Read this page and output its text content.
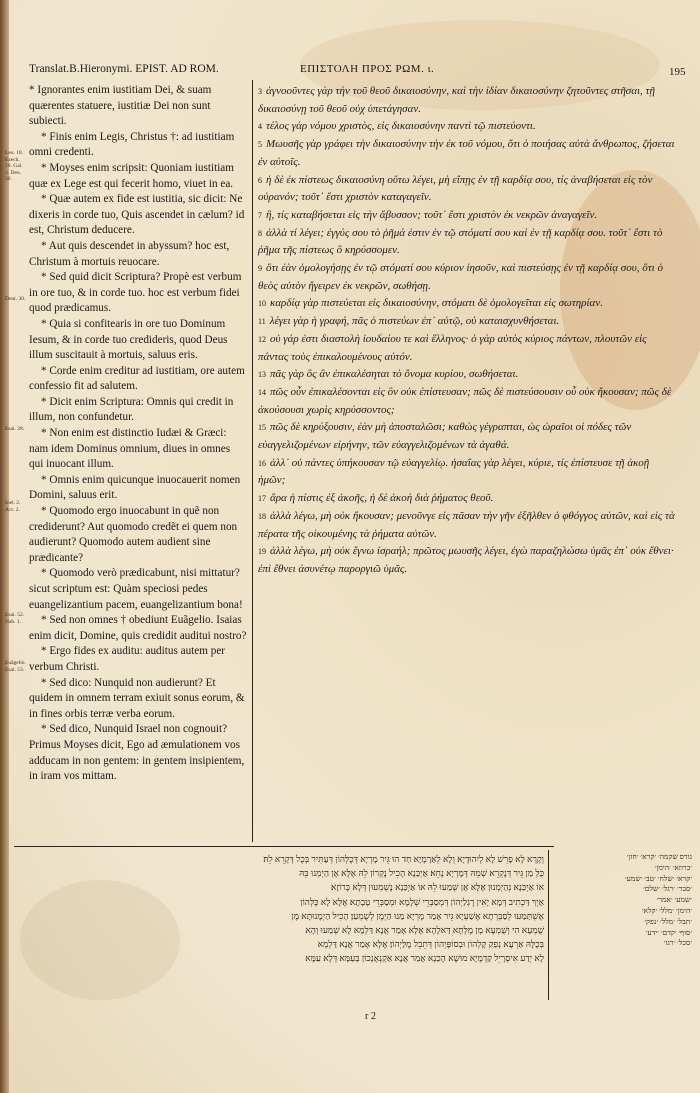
Translat.B.Hieronymi. EPIST. AD ROM.	ΕΠΙΣΤΟΛΗ ΠΡΟΣ ΡΩΜ. ι.	195
Leu. 18. Ezech. 20. Gal. 3. Deu. 30.
Deut. 30.
Esai. 28.
Ioel. 2. Act. 2.
Esai. 52. Nah. 1.
Euãgelio. Esai. 53.

* Ignorantes enim iustitiam Dei, & suam quærentes statuere, iustitiæ Dei non sunt subiecti.

* Finis enim Legis, Christus †: ad iustitiam omni credenti.

* Moyses enim scripsit: Quoniam iustitiam quæ ex Lege est qui fecerit homo, viuet in ea.

* Quæ autem ex fide est iustitia, sic dicit: Ne dixeris in corde tuo, Quis ascendet in cælum? id est, Christum deducere.

* Aut quis descendet in abyssum? hoc est, Christum à mortuis reuocare.

* Sed quid dicit Scriptura? Propè est verbum in ore tuo, & in corde tuo. hoc est verbum fidei quod prædicamus.

* Quia si confitearis in ore tuo Dominum Iesum, & in corde tuo credideris, quod Deus illum suscitauit à mortuis, saluus eris.

* Corde enim creditur ad iustitiam, ore autem confessio fit ad salutem.

* Dicit enim Scriptura: Omnis qui credit in illum, non confundetur.

* Non enim est distinctio Iudæi & Græci: nam idem Dominus omnium, diues in omnes qui inuocant illum.

* Omnis enim quicunque inuocauerit nomen Domini, saluus erit.

* Quomodo ergo inuocabunt in quẽ non crediderunt? Aut quomodo credẽt ei quem non audierunt? Quomodo autem audient sine prædicante?

* Quomodo verò prædicabunt, nisi mittatur? sicut scriptum est: Quàm speciosi pedes euangelizantium pacem, euangelizantium bona!

* Sed non omnes † obediunt Euãgelio. Isaias enim dicit, Domine, quis credidit auditui nostro?

* Ergo fides ex auditu: auditus autem per verbum Christi.

* Sed dico: Nunquid non audierunt? Et quidem in omnem terram exiuit sonus eorum, & in fines orbis terræ verba eorum.

* Sed dico, Nunquid Israel non cognouit? Primus Moyses dicit, Ego ad æmulationem vos adducam in non gentem: in gentem insipientem, in iram vos mittam.

3 ἀγνοοῦντες γὰρ τὴν τοῦ θεοῦ δικαιοσύνην, καὶ τὴν ἰδίαν δικαιοσύνην ζητοῦντες στῆσαι, τῇ δικαιοσύνῃ τοῦ θεοῦ οὐχ ὑπετάγησαν.

4 τέλος γὰρ νόμου χριστὸς, εἰς δικαιοσύνην παντὶ τῷ πιστεύοντι.

5 Μωυσῆς γὰρ γράφει τὴν δικαιοσύνην τὴν ἐκ τοῦ νόμου, ὅτι ὁ ποιήσας αὐτὰ ἄνθρωπος, ζήσεται ἐν αὐτοῖς.

6 ἡ δὲ ἐκ πίστεως δικαιοσύνη οὕτω λέγει, μὴ εἴπῃς ἐν τῇ καρδίᾳ σου, τίς ἀναβήσεται εἰς τὸν οὐρανόν; τοῦτ᾽ ἔστι χριστὸν καταγαγεῖν.

7 ἢ, τίς καταβήσεται εἰς τὴν ἄβυσσον; τοῦτ᾽ ἔστι χριστὸν ἐκ νεκρῶν ἀναγαγεῖν.

8 ἀλλὰ τί λέγει; ἐγγύς σου τὸ ῥῆμά ἐστιν ἐν τῷ στόματί σου καὶ ἐν τῇ καρδίᾳ σου. τοῦτ᾽ ἔστι τὸ ῥῆμα τῆς πίστεως ὃ κηρύσσομεν.

9 ὅτι ἐὰν ὁμολογήσῃς ἐν τῷ στόματί σου κύριον ἰησοῦν, καὶ πιστεύσῃς ἐν τῇ καρδίᾳ σου, ὅτι ὁ θεὸς αὐτὸν ἤγειρεν ἐκ νεκρῶν, σωθήσῃ.

10 καρδίᾳ γὰρ πιστεύεται εἰς δικαιοσύνην, στόματι δὲ ὁμολογεῖται εἰς σωτηρίαν.

11 λέγει γὰρ ἡ γραφή, πᾶς ὁ πιστεύων ἐπ᾽ αὐτῷ, οὐ καταισχυνθήσεται.

12 οὐ γάρ ἐστι διαστολὴ ἰουδαίου τε καὶ ἕλληνος· ὁ γὰρ αὐτὸς κύριος πάντων, πλουτῶν εἰς πάντας τοὺς ἐπικαλουμένους αὐτόν.

13 πᾶς γὰρ ὃς ἂν ἐπικαλέσηται τὸ ὄνομα κυρίου, σωθήσεται.

14 πῶς οὖν ἐπικαλέσονται εἰς ὃν οὐκ ἐπίστευσαν; πῶς δὲ πιστεύσουσιν οὗ οὐκ ἤκουσαν; πῶς δὲ ἀκούσουσι χωρὶς κηρύσσοντος;

15 πῶς δὲ κηρύξουσιν, ἐὰν μὴ ἀποσταλῶσι; καθὼς γέγραπται, ὡς ὡραῖοι οἱ πόδες τῶν εὐαγγελιζομένων εἰρήνην, τῶν εὐαγγελιζομένων τὰ ἀγαθά.

16 ἀλλ᾽ οὐ πάντες ὑπήκουσαν τῷ εὐαγγελίῳ. ἡσαΐας γὰρ λέγει, κύριε, τίς ἐπίστευσε τῇ ἀκοῇ ἡμῶν;

17 ἄρα ἡ πίστις ἐξ ἀκοῆς, ἡ δὲ ἀκοὴ διὰ ῥήματος θεοῦ.

18 ἀλλὰ λέγω, μὴ οὐκ ἤκουσαν; μενοῦνγε εἰς πᾶσαν τὴν γῆν ἐξῆλθεν ὁ φθόγγος αὐτῶν, καὶ εἰς τὰ πέρατα τῆς οἰκουμένης τὰ ῥήματα αὐτῶν.

19 ἀλλὰ λέγω, μὴ οὐκ ἔγνω ἰσραήλ; πρῶτος μωυσῆς λέγει, ἐγὼ παραζηλώσω ὑμᾶς ἐπ᾽ οὐκ ἔθνει· ἐπὶ ἔθνει ἀσυνέτῳ παροργιῶ ὑμᾶς.

וְקָרָא לָא פָרֵשׁ לָא לְיִהוּדָיָא וְלָא לְאַרָמָיָא חַד הוּ גֵּיר מָרְיָא דְּכֻלְּהוֹן דְּעַתִּיר בְּכֻל דְּקָרֵא לֵהּ׃

כֻּלְּ מַן גֵּיר דְּנֶקְרֵא שְׁמֵהּ דְּמָרְיָא נֶחֵא׃ אַיְכַּנָא הָכִיל נֶקְרוֹן לֵהּ אֶלָּא אֶן הַיְמְנוּ בֵּהּ

אוֹ אַיְכַּנָא נְהַיְמְנוּן אֶלָּא אֶן שְׁמַעוּ לֵהּ אוֹ אַיְכַּנָא נֶשְׁמְעוּן דְּלָא כָּרוֹזָא׃

אַיְךְ דַּכְתִיב דְּמָא יָאִין רֶגְלַיְהוֹן דְּמְסַבְּרֵי שְׁלָמָא וּמְסַבְּרֵי טָבָתָא׃ אֶלָּא לָא כֻּלְּהוֹן

אֶשְׁתַּמַעוּ לְסַבְּרְתָא אֶשַׁעְיָא גֵּיר אָמַר מָרְיָא מַנוּ הַיְמֶן לְשֻׁמְעַן׃ הָכִיל הַיְמָנוּתָא מֶן

שֻׁמְעָא הִי וְשֻׁמְעָא מֶן מֶלְּתָא דַּאלָהָא׃ אֶלָּא אָמַר אֲנָא דַּלְמָא לָא שְׁמַעוּ וְהָא

בְּכֻלָּהּ אַרְעָא נְפַק קָלְהוֹן וּבְסוֹפָּיְהוֹן דְּתֵבֵל מֶלַּיְהוֹן׃ אֶלָּא אָמַר אֲנָא דַּלְמָא

לָא יְדַע אִיסְרָיֵל קַדְמָיָא מוּשֶׁא הָכַנָא אָמַר אֲנָא אַקְנְאֶנְכוֹן בְּעַמָּא דְּלָא עַמָּא

גורס שקמה׳ ׳קרא׳ ׳חזן׳

׳כרוזא׳ ׳הימן׳

׳קרא׳ ׳שלח׳ ׳טב׳ ׳שמע׳

׳סבר׳ ׳רגל׳ ׳שלם׳

׳שמע׳ ׳אמר׳

׳הימן׳ ׳מלל׳ ׳קלא׳

׳תבל׳ ׳מלל׳ ׳נפק׳

׳סוף׳ ׳קדם׳ ׳ידע׳

׳סכל׳ ׳רגז׳

r 2
